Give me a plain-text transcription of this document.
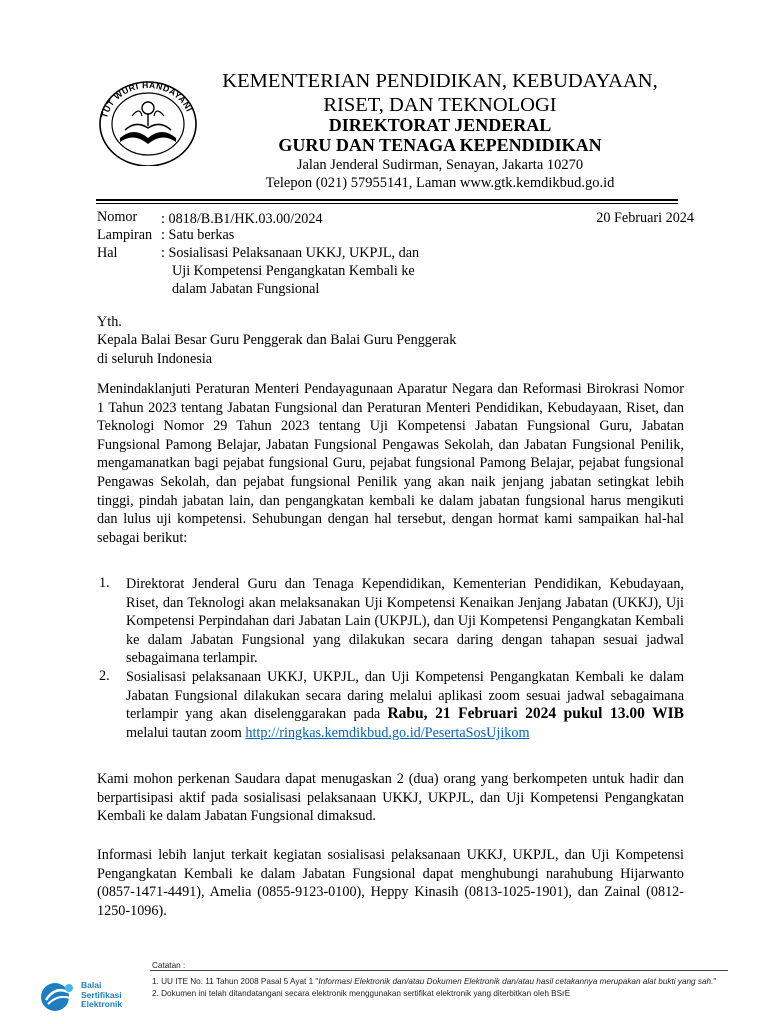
TUT WURI HANDAYANI
KEMENTERIAN PENDIDIKAN, KEBUDAYAAN,
RISET, DAN TEKNOLOGI
DIREKTORAT JENDERAL
GURU DAN TENAGA KEPENDIDIKAN
Jalan Jenderal Sudirman, Senayan, Jakarta 10270
Telepon (021) 57955141, Laman www.gtk.kemdikbud.go.id
Nomor : 0818/B.B1/HK.03.00/2024	20 Februari 2024
Lampiran : Satu berkas
Hal	: Sosialisasi Pelaksanaan UKKJ, UKPJL, dan
Uji Kompetensi Pengangkatan Kembali ke
dalam Jabatan Fungsional
Yth.
Kepala Balai Besar Guru Penggerak dan Balai Guru Penggerak
di seluruh Indonesia
Menindaklanjuti Peraturan Menteri Pendayagunaan Aparatur Negara dan Reformasi Birokrasi Nomor 1 Tahun 2023 tentang Jabatan Fungsional dan Peraturan Menteri Pendidikan, Kebudayaan, Riset, dan Teknologi Nomor 29 Tahun 2023 tentang Uji Kompetensi Jabatan Fungsional Guru, Jabatan Fungsional Pamong Belajar, Jabatan Fungsional Pengawas Sekolah, dan Jabatan Fungsional Penilik, mengamanatkan bagi pejabat fungsional Guru, pejabat fungsional Pamong Belajar, pejabat fungsional Pengawas Sekolah, dan pejabat fungsional Penilik yang akan naik jenjang jabatan setingkat lebih tinggi, pindah jabatan lain, dan pengangkatan kembali ke dalam jabatan fungsional harus mengikuti dan lulus uji kompetensi. Sehubungan dengan hal tersebut, dengan hormat kami sampaikan hal-hal sebagai berikut:
1. Direktorat Jenderal Guru dan Tenaga Kependidikan, Kementerian Pendidikan, Kebudayaan, Riset, dan Teknologi akan melaksanakan Uji Kompetensi Kenaikan Jenjang Jabatan (UKKJ), Uji Kompetensi Perpindahan dari Jabatan Lain (UKPJL), dan Uji Kompetensi Pengangkatan Kembali ke dalam Jabatan Fungsional yang dilakukan secara daring dengan tahapan sesuai jadwal sebagaimana terlampir.
2. Sosialisasi pelaksanaan UKKJ, UKPJL, dan Uji Kompetensi Pengangkatan Kembali ke dalam Jabatan Fungsional dilakukan secara daring melalui aplikasi zoom sesuai jadwal sebagaimana terlampir yang akan diselenggarakan pada Rabu, 21 Februari 2024 pukul 13.00 WIB melalui tautan zoom http://ringkas.kemdikbud.go.id/PesertaSosUjikom
Kami mohon perkenan Saudara dapat menugaskan 2 (dua) orang yang berkompeten untuk hadir dan berpartisipasi aktif pada sosialisasi pelaksanaan UKKJ, UKPJL, dan Uji Kompetensi Pengangkatan Kembali ke dalam Jabatan Fungsional dimaksud.
Informasi lebih lanjut terkait kegiatan sosialisasi pelaksanaan UKKJ, UKPJL, dan Uji Kompetensi Pengangkatan Kembali ke dalam Jabatan Fungsional dapat menghubungi narahubung Hijarwanto (0857-1471-4491), Amelia (0855-9123-0100), Heppy Kinasih (0813-1025-1901), dan Zainal (0812-1250-1096).
Balai
Sertifikasi
Elektronik
Catatan :
1. UU ITE No. 11 Tahun 2008 Pasal 5 Ayat 1 "Informasi Elektronik dan/atau Dokumen Elektronik dan/atau hasil cetakannya merupakan alat bukti yang sah."
2. Dokumen ini telah ditandatangani secara elektronik menggunakan sertifikat elektronik yang diterbitkan oleh BSrE
